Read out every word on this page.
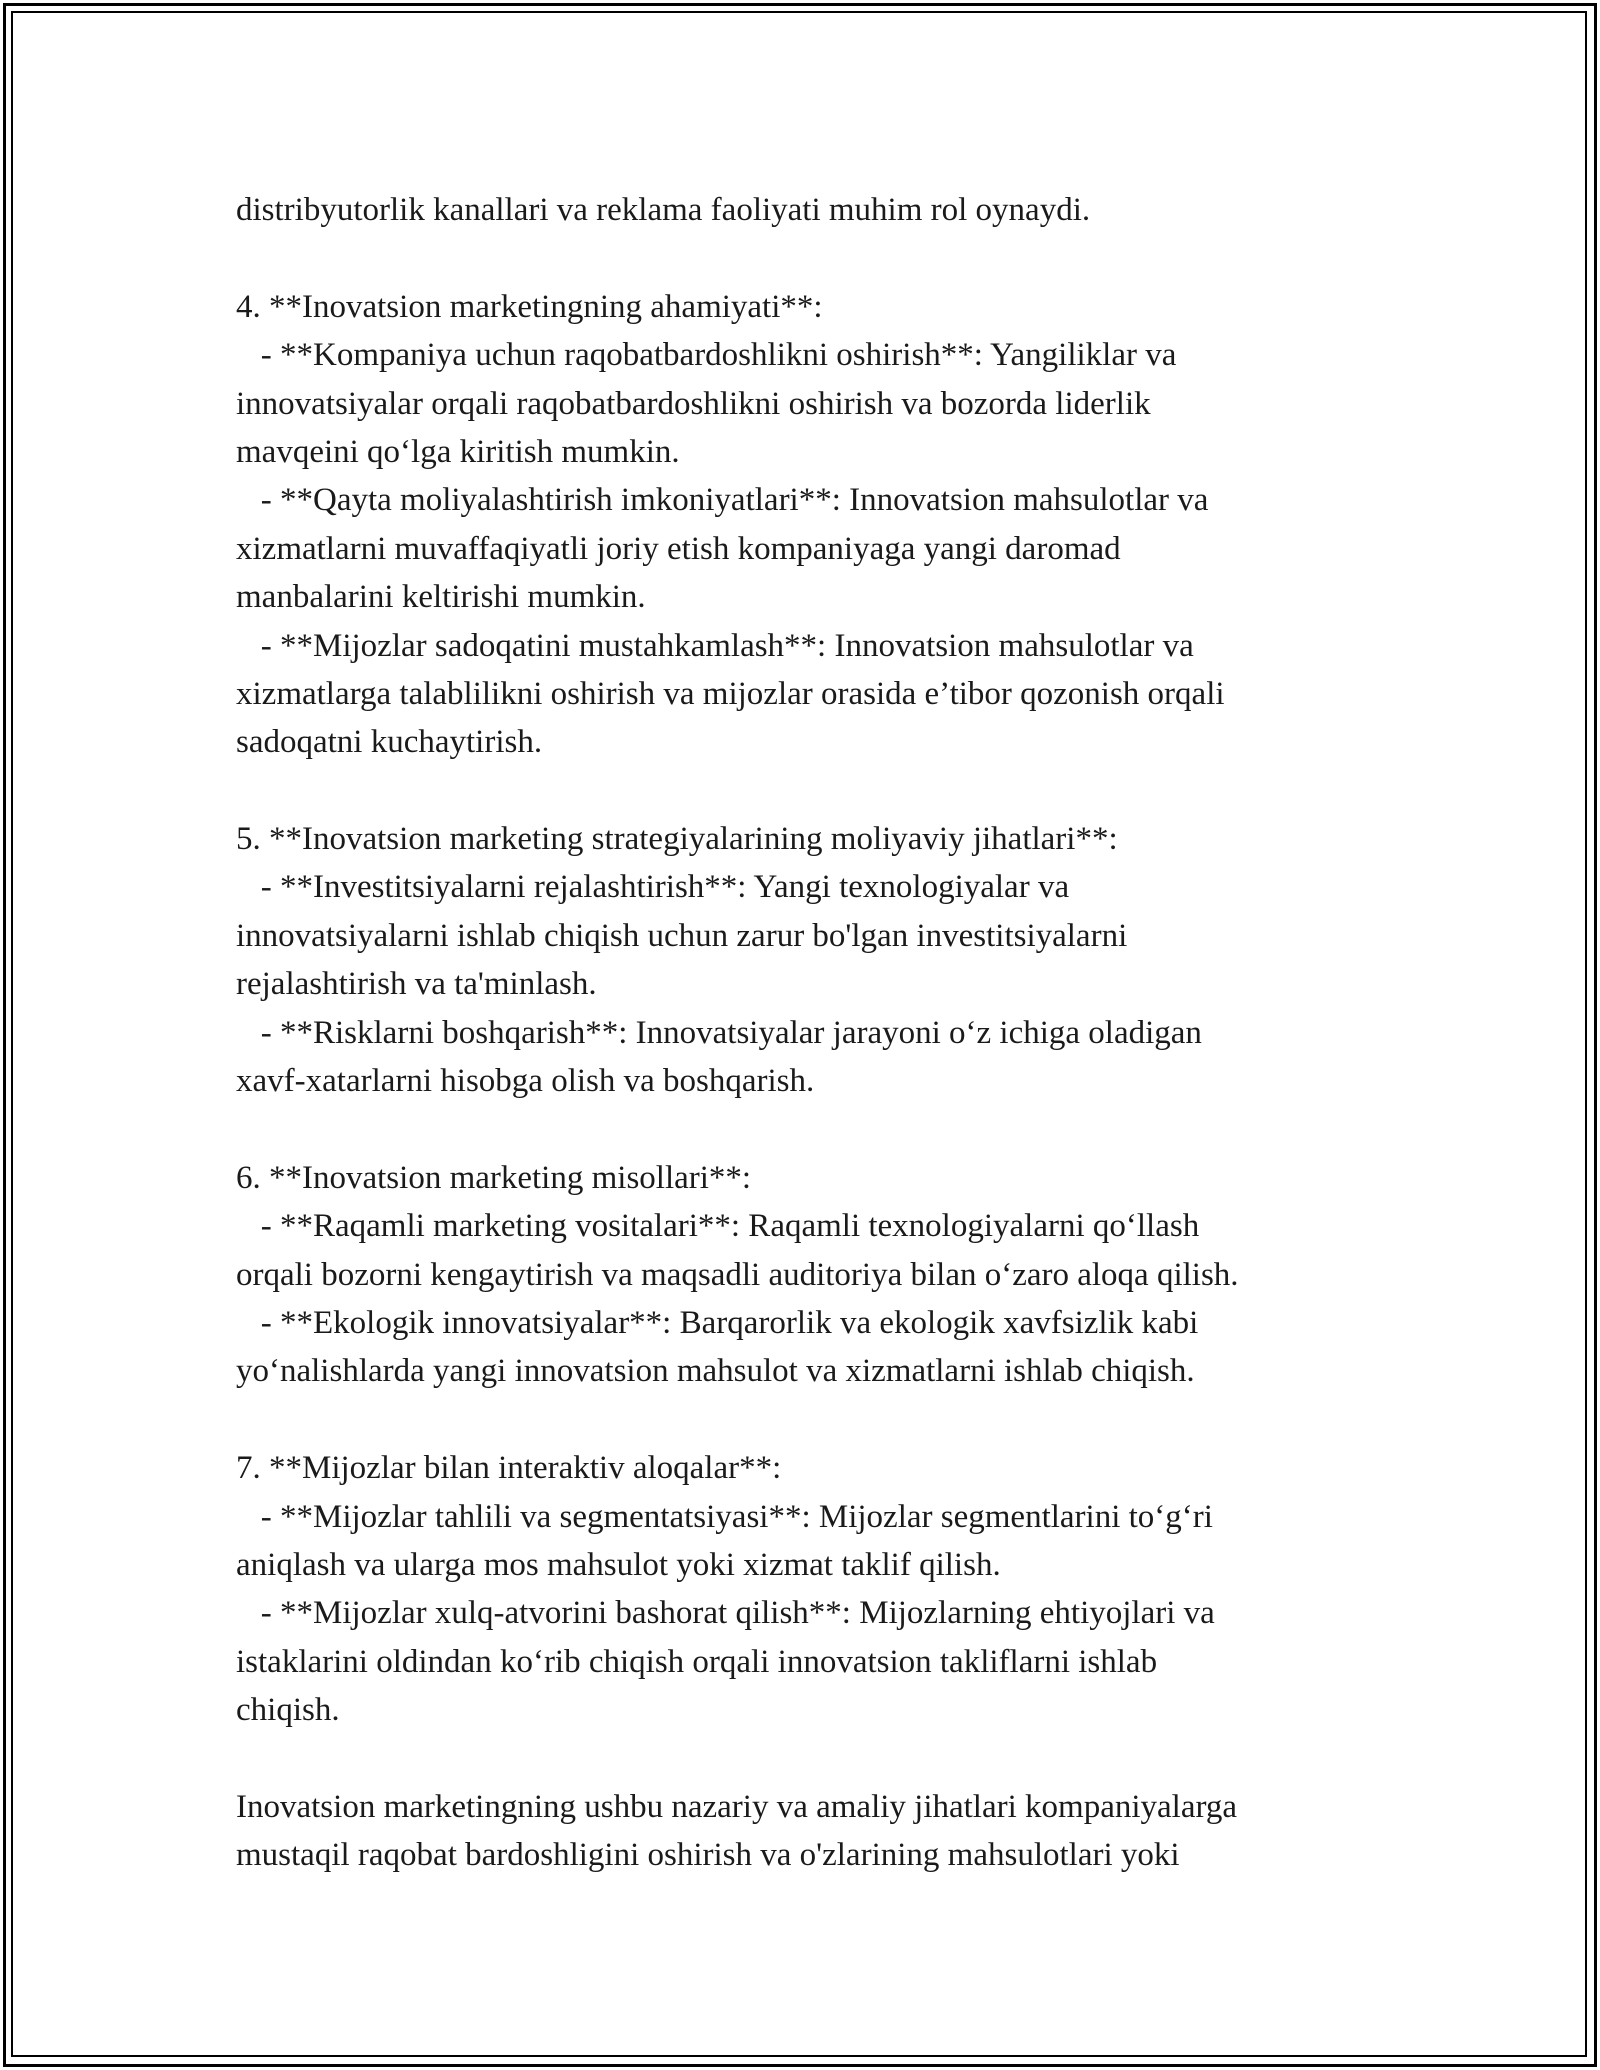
distribyutorlik kanallari va reklama faoliyati muhim rol oynaydi.
4. **Inovatsion marketingning ahamiyati**:
- **Kompaniya uchun raqobatbardoshlikni oshirish**: Yangiliklar va
innovatsiyalar orqali raqobatbardoshlikni oshirish va bozorda liderlik
mavqeini qo‘lga kiritish mumkin.
- **Qayta moliyalashtirish imkoniyatlari**: Innovatsion mahsulotlar va
xizmatlarni muvaffaqiyatli joriy etish kompaniyaga yangi daromad
manbalarini keltirishi mumkin.
- **Mijozlar sadoqatini mustahkamlash**: Innovatsion mahsulotlar va
xizmatlarga talablilikni oshirish va mijozlar orasida e’tibor qozonish orqali
sadoqatni kuchaytirish.
5. **Inovatsion marketing strategiyalarining moliyaviy jihatlari**:
- **Investitsiyalarni rejalashtirish**: Yangi texnologiyalar va
innovatsiyalarni ishlab chiqish uchun zarur bo'lgan investitsiyalarni
rejalashtirish va ta'minlash.
- **Risklarni boshqarish**: Innovatsiyalar jarayoni o‘z ichiga oladigan
xavf-xatarlarni hisobga olish va boshqarish.
6. **Inovatsion marketing misollari**:
- **Raqamli marketing vositalari**: Raqamli texnologiyalarni qo‘llash
orqali bozorni kengaytirish va maqsadli auditoriya bilan o‘zaro aloqa qilish.
- **Ekologik innovatsiyalar**: Barqarorlik va ekologik xavfsizlik kabi
yo‘nalishlarda yangi innovatsion mahsulot va xizmatlarni ishlab chiqish.
7. **Mijozlar bilan interaktiv aloqalar**:
- **Mijozlar tahlili va segmentatsiyasi**: Mijozlar segmentlarini to‘g‘ri
aniqlash va ularga mos mahsulot yoki xizmat taklif qilish.
- **Mijozlar xulq-atvorini bashorat qilish**: Mijozlarning ehtiyojlari va
istaklarini oldindan ko‘rib chiqish orqali innovatsion takliflarni ishlab
chiqish.
Inovatsion marketingning ushbu nazariy va amaliy jihatlari kompaniyalarga
mustaqil raqobat bardoshligini oshirish va o'zlarining mahsulotlari yoki
